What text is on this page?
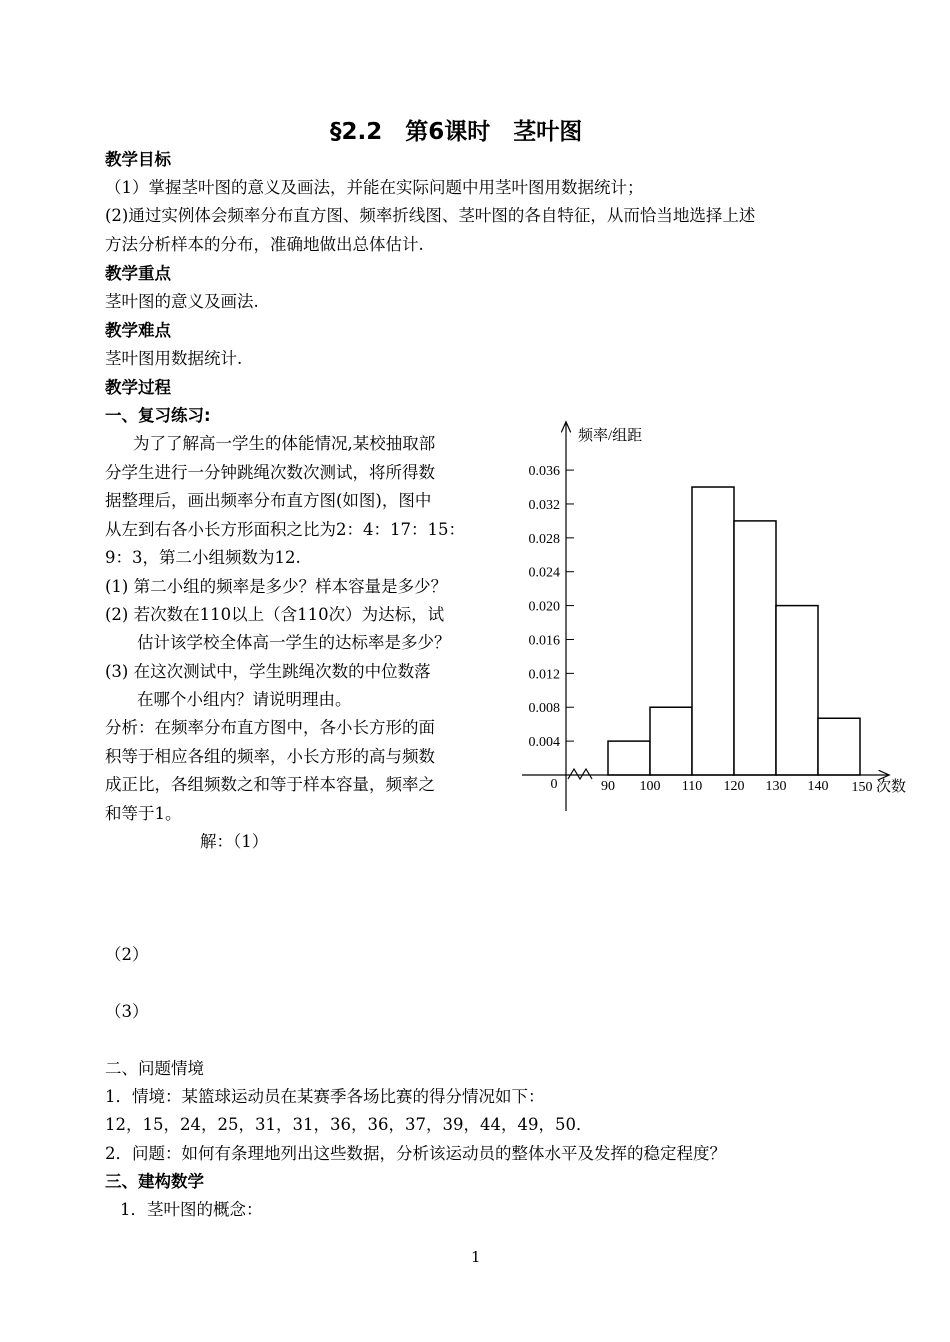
§2.2　第6课时　茎叶图
教学目标
（1）掌握茎叶图的意义及画法，并能在实际问题中用茎叶图用数据统计；
(2)通过实例体会频率分布直方图、频率折线图、茎叶图的各自特征，从而恰当地选择上述
方法分析样本的分布，准确地做出总体估计.
教学重点
茎叶图的意义及画法.
教学难点
茎叶图用数据统计.
教学过程
一、复习练习:
为了了解高一学生的体能情况,某校抽取部
分学生进行一分钟跳绳次数次测试，将所得数
据整理后，画出频率分布直方图(如图)，图中
从左到右各小长方形面积之比为2：4：17：15：
9：3，第二小组频数为12.
(1) 第二小组的频率是多少？样本容量是多少？
(2) 若次数在110以上（含110次）为达标，试
估计该学校全体高一学生的达标率是多少？
(3) 在这次测试中，学生跳绳次数的中位数落
在哪个小组内？请说明理由。
分析：在频率分布直方图中，各小长方形的面
积等于相应各组的频率，小长方形的高与频数
成正比，各组频数之和等于样本容量，频率之
和等于1。
解：（1）
（2）
（3）
二、问题情境
1．情境：某篮球运动员在某赛季各场比赛的得分情况如下：
12，15，24，25，31，31，36，36，37，39，44，49，50．
2．问题：如何有条理地列出这些数据，分析该运动员的整体水平及发挥的稳定程度？
三、建构数学
1．茎叶图的概念：
1
0.004
0.008
0.012
0.016
0.020
0.024
0.028
0.032
0.036
90 100 110 120 130 140 150
0
频率/组距
次数
